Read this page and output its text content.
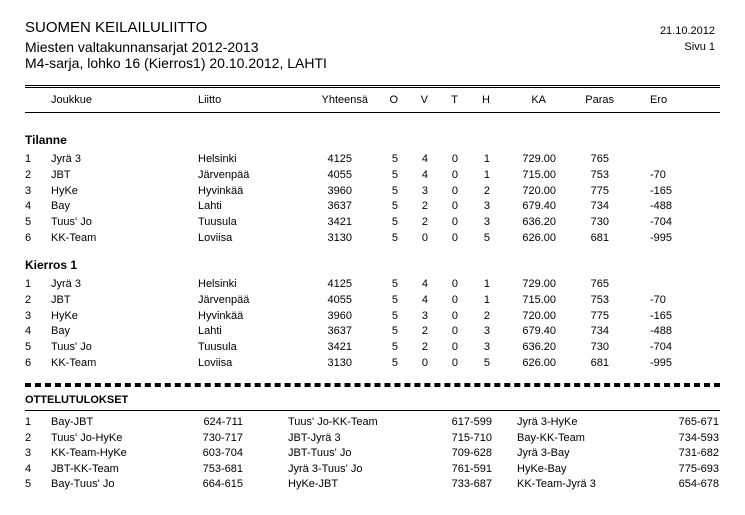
SUOMEN KEILAILULIITTO
Miesten valtakunnansarjat 2012-2013
M4-sarja, lohko 16 (Kierros1) 20.10.2012, LAHTI
21.10.2012
Sivu 1
Joukkue	Liitto	Yhteensä O V T H	KA	Paras	Ero
Tilanne
1 Jyrä 3	Helsinki	4125	5 4 0 1	729.00	765
2 JBT	Järvenpää	4055	5 4 0 1	715.00	753	-70
3 HyKe	Hyvinkää	3960	5 3 0 2	720.00	775	-165
4 Bay	Lahti	3637	5 2 0 3	679.40	734	-488
5 Tuus' Jo	Tuusula	3421	5 2 0 3	636.20	730	-704
6 KK-Team	Loviisa	3130	5 0 0 5	626.00	681	-995
Kierros 1
1 Jyrä 3	Helsinki	4125	5 4 0 1	729.00	765
2 JBT	Järvenpää	4055	5 4 0 1	715.00	753	-70
3 HyKe	Hyvinkää	3960	5 3 0 2	720.00	775	-165
4 Bay	Lahti	3637	5 2 0 3	679.40	734	-488
5 Tuus' Jo	Tuusula	3421	5 2 0 3	636.20	730	-704
6 KK-Team	Loviisa	3130	5 0 0 5	626.00	681	-995
OTTELUTULOKSET
1 Bay-JBT	624-711	Tuus' Jo-KK-Team	617-599 Jyrä 3-HyKe	765-671
2 Tuus' Jo-HyKe	730-717	JBT-Jyrä 3	715-710 Bay-KK-Team	734-593
3 KK-Team-HyKe	603-704	JBT-Tuus' Jo	709-628 Jyrä 3-Bay	731-682
4 JBT-KK-Team	753-681	Jyrä 3-Tuus' Jo	761-591 HyKe-Bay	775-693
5 Bay-Tuus' Jo	664-615	HyKe-JBT	733-687 KK-Team-Jyrä 3	654-678
